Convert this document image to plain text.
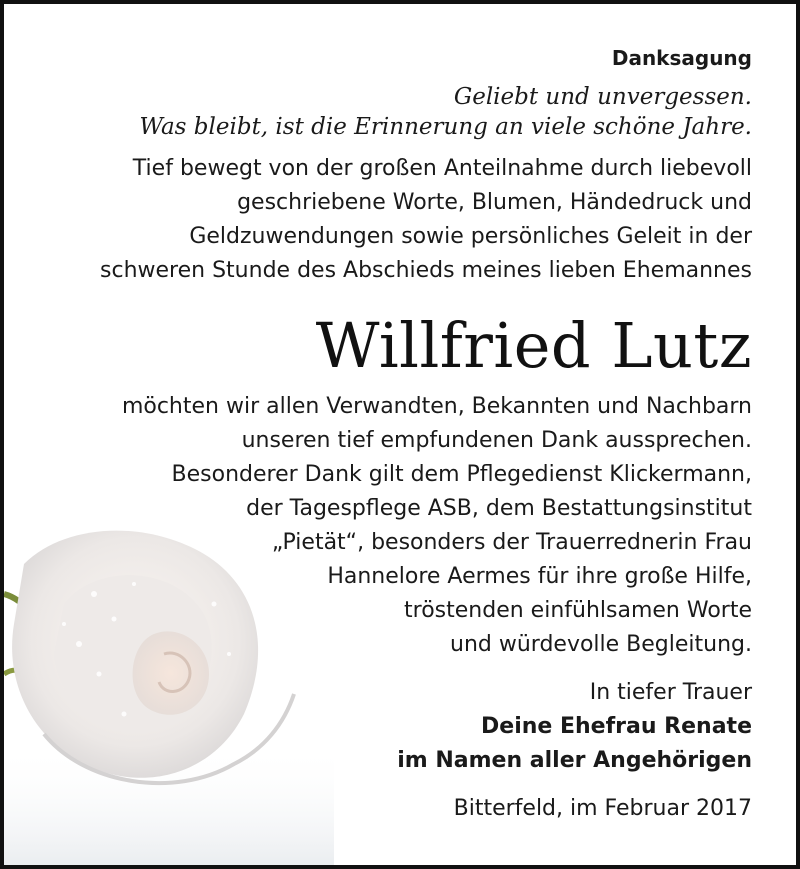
Danksagung
Geliebt und unvergessen.
Was bleibt, ist die Erinnerung an viele schöne Jahre.
Tief bewegt von der großen Anteilnahme durch liebevoll
geschriebene Worte, Blumen, Händedruck und
Geldzuwendungen sowie persönliches Geleit in der
schweren Stunde des Abschieds meines lieben Ehemannes
Willfried Lutz
möchten wir allen Verwandten, Bekannten und Nachbarn
unseren tief empfundenen Dank aussprechen.
Besonderer Dank gilt dem Pflegedienst Klickermann,
der Tagespflege ASB, dem Bestattungsinstitut
„Pietät“, besonders der Trauerrednerin Frau
Hannelore Aermes für ihre große Hilfe,
tröstenden einfühlsamen Worte
und würdevolle Begleitung.
In tiefer Trauer
Deine Ehefrau Renate
im Namen aller Angehörigen
Bitterfeld, im Februar 2017
